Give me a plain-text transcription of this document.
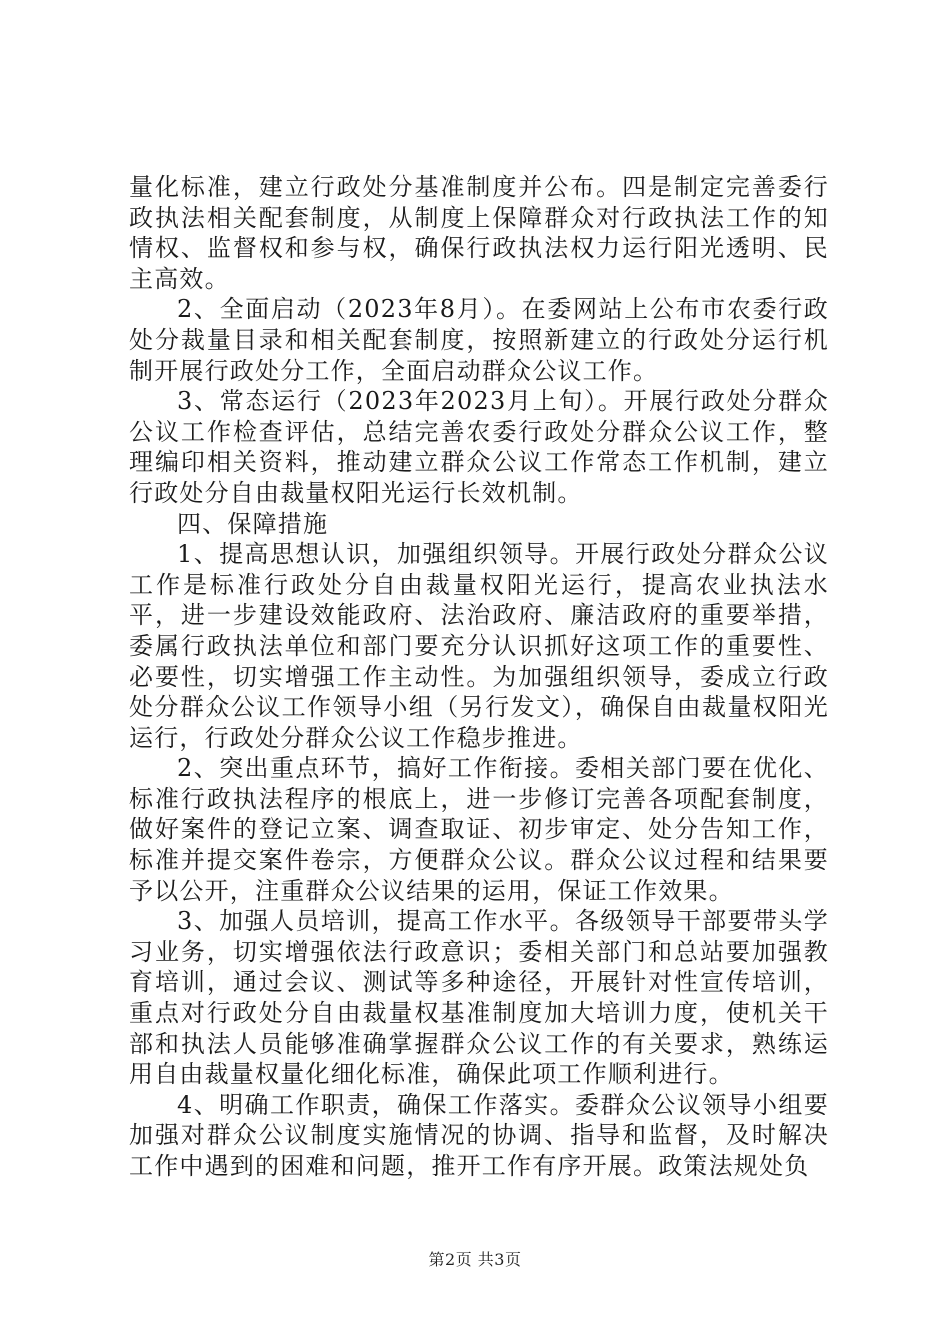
量化标准，建立行政处分基准制度并公布。四是制定完善委行政执法相关配套制度，从制度上保障群众对行政执法工作的知情权、监督权和参与权，确保行政执法权力运行阳光透明、民主高效。

2、全面启动（2023年8月）。在委网站上公布市农委行政处分裁量目录和相关配套制度，按照新建立的行政处分运行机制开展行政处分工作，全面启动群众公议工作。

3、常态运行（2023年2023月上旬）。开展行政处分群众公议工作检查评估，总结完善农委行政处分群众公议工作，整理编印相关资料，推动建立群众公议工作常态工作机制，建立行政处分自由裁量权阳光运行长效机制。

四、保障措施

1、提高思想认识，加强组织领导。开展行政处分群众公议工作是标准行政处分自由裁量权阳光运行，提高农业执法水平，进一步建设效能政府、法治政府、廉洁政府的重要举措，委属行政执法单位和部门要充分认识抓好这项工作的重要性、必要性，切实增强工作主动性。为加强组织领导，委成立行政处分群众公议工作领导小组（另行发文），确保自由裁量权阳光运行，行政处分群众公议工作稳步推进。

2、突出重点环节，搞好工作衔接。委相关部门要在优化、标准行政执法程序的根底上，进一步修订完善各项配套制度，做好案件的登记立案、调查取证、初步审定、处分告知工作，标准并提交案件卷宗，方便群众公议。群众公议过程和结果要予以公开，注重群众公议结果的运用，保证工作效果。

3、加强人员培训，提高工作水平。各级领导干部要带头学习业务，切实增强依法行政意识；委相关部门和总站要加强教育培训，通过会议、测试等多种途径，开展针对性宣传培训，重点对行政处分自由裁量权基准制度加大培训力度，使机关干部和执法人员能够准确掌握群众公议工作的有关要求，熟练运用自由裁量权量化细化标准，确保此项工作顺利进行。

4、明确工作职责，确保工作落实。委群众公议领导小组要加强对群众公议制度实施情况的协调、指导和监督，及时解决工作中遇到的困难和问题，推开工作有序开展。政策法规处负

第2页 共3页
